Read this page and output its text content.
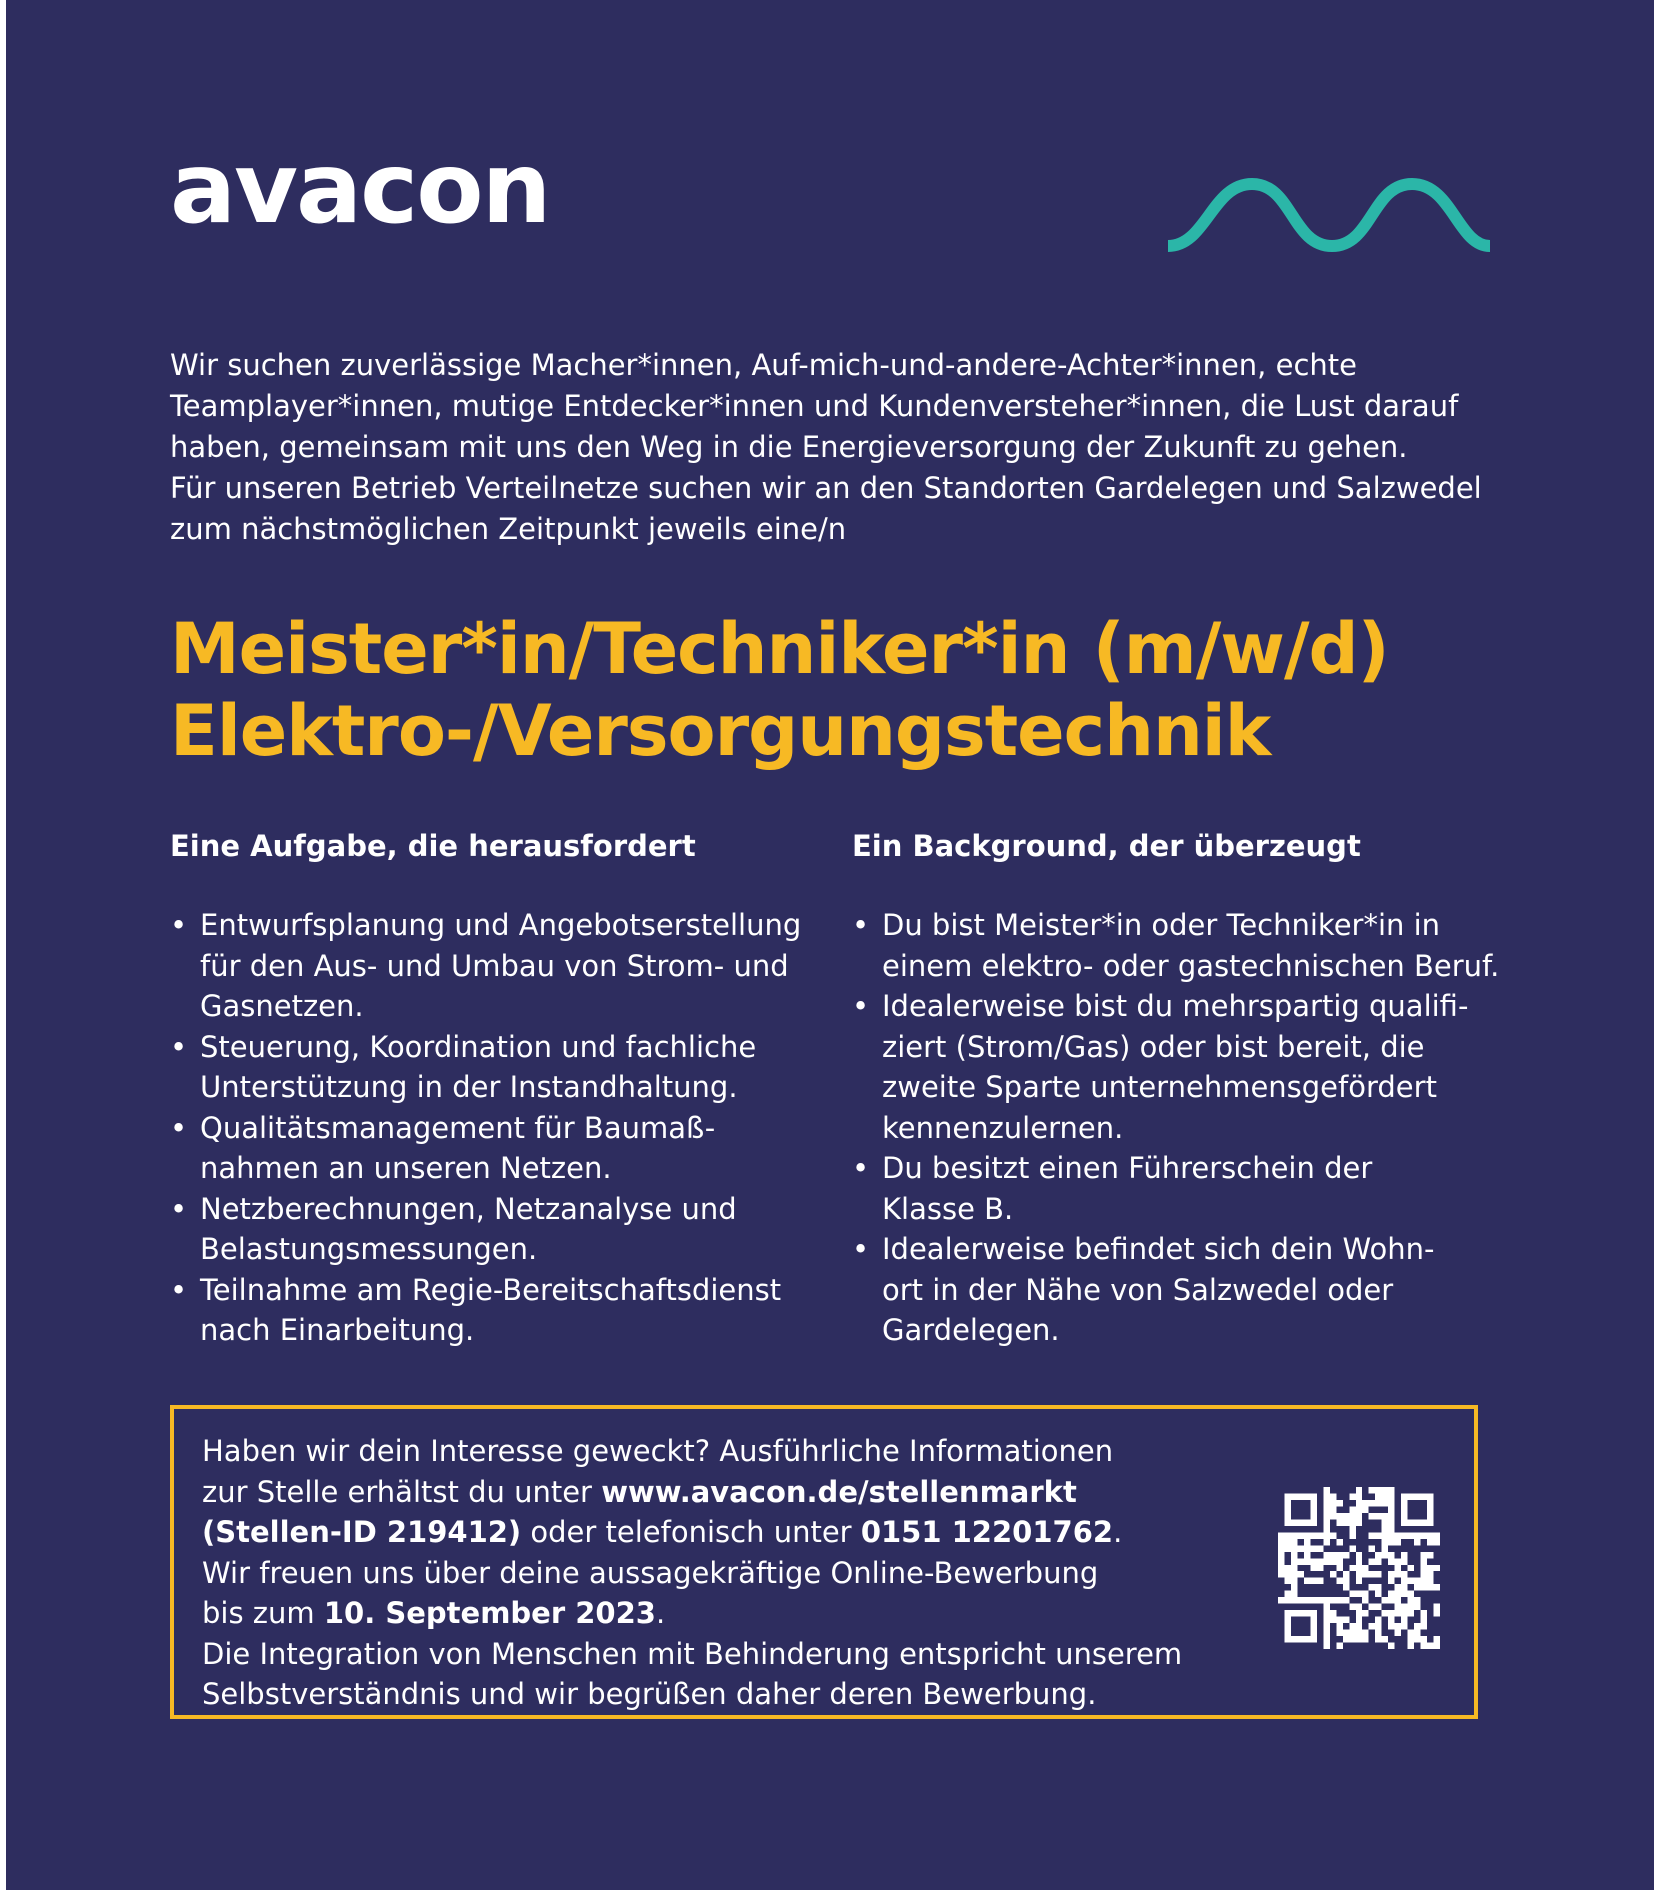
avacon

Wir suchen zuverlässige Macher*innen, Auf-mich-und-andere-Achter*innen, echte

Teamplayer*innen, mutige Entdecker*innen und Kundenversteher*innen, die Lust darauf

haben, gemeinsam mit uns den Weg in die Energieversorgung der Zukunft zu gehen.

Für unseren Betrieb Verteilnetze suchen wir an den Standorten Gardelegen und Salzwedel

zum nächstmöglichen Zeitpunkt jeweils eine/n

Meister*in/Techniker*in (m/w/d)
Elektro-/Versorgungstechnik
Eine Aufgabe, die herausfordert
• Entwurfsplanung und Angebotserstellung
für den Aus- und Umbau von Strom- und
Gasnetzen.
• Steuerung, Koordination und fachliche
Unterstützung in der Instandhaltung.
• Qualitätsmanagement für Baumaß-
nahmen an unseren Netzen.
• Netzberechnungen, Netzanalyse und
Belastungsmessungen.
• Teilnahme am Regie-Bereitschaftsdienst
nach Einarbeitung.
Ein Background, der überzeugt
• Du bist Meister*in oder Techniker*in in
einem elektro- oder gastechnischen Beruf.
• Idealerweise bist du mehrspartig qualifi-
ziert (Strom/Gas) oder bist bereit, die
zweite Sparte unternehmensgefördert
kennenzulernen.
• Du besitzt einen Führerschein der
Klasse B.
• Idealerweise befindet sich dein Wohn-
ort in der Nähe von Salzwedel oder
Gardelegen.

Haben wir dein Interesse geweckt? Ausführliche Informationen

zur Stelle erhältst du unter www.avacon.de/stellenmarkt

(Stellen-ID 219412) oder telefonisch unter 0151 12201762.

Wir freuen uns über deine aussagekräftige Online-Bewerbung

bis zum 10. September 2023.

Die Integration von Menschen mit Behinderung entspricht unserem

Selbstverständnis und wir begrüßen daher deren Bewerbung.
